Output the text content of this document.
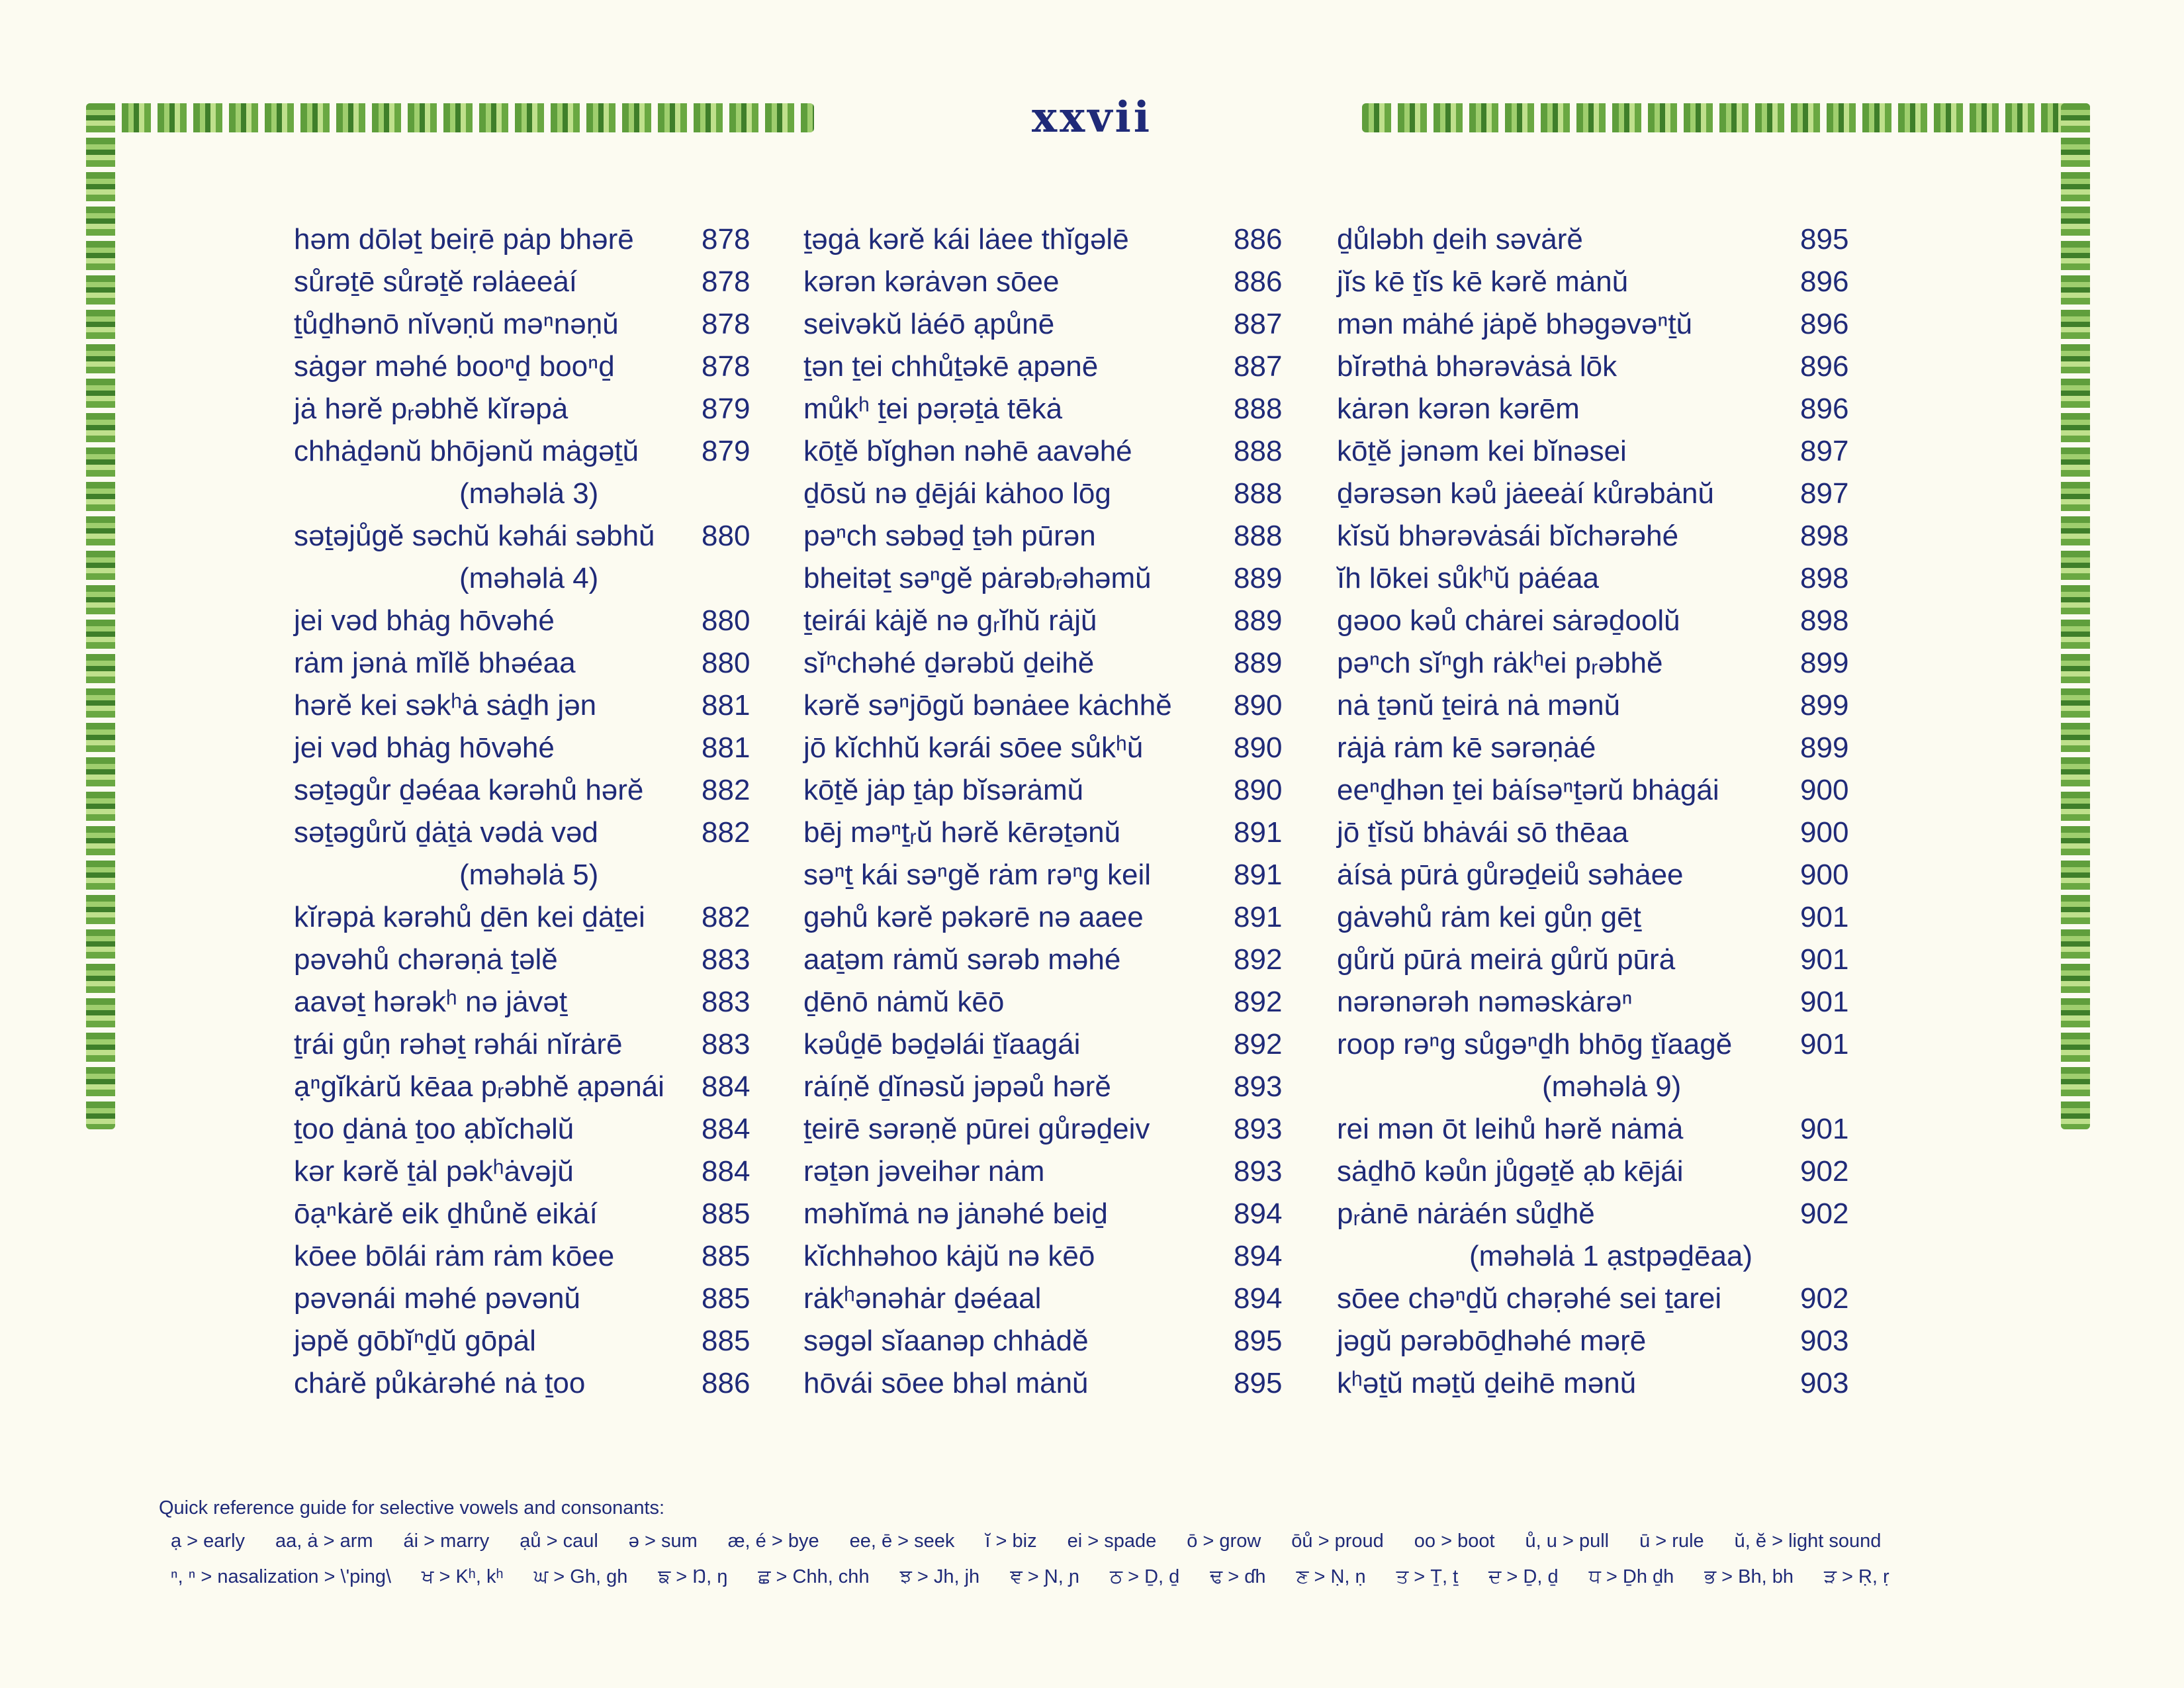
xxvii
həm dōləṯ beiṛē pȧp bhərē 878
sůrəṯē sůrəṯĕ rəlȧeeȧí	878
ṯůḏhənō nĭvəṇŭ məⁿnəṇŭ	878
sȧgər məhé booⁿḏ booⁿḏ	878
jȧ hərĕ pᵣəbhĕ kĭrəpȧ	879
chhȧḏənŭ bhōjənŭ mȧgəṯŭ 879
(məhəlȧ 3)
səṯəjůgĕ səchŭ kəhái səbhŭ 880
(məhəlȧ 4)
jei vəd bhȧg hōvəhé	880
rȧm jənȧ mĭlĕ bhəéaa	880
hərĕ kei səkʰȧ sȧḏh jən	881
jei vəd bhȧg hōvəhé	881
səṯəgůr ḏəéaa kərəhů hərĕ 882
səṯəgůrŭ ḏȧṯȧ vədȧ vəd	882
(məhəlȧ 5)
kĭrəpȧ kərəhů ḏēn kei ḏȧṯei 882
pəvəhů chərəṇȧ ṯəlĕ	883
aavəṯ hərəkʰ nə jȧvəṯ	883
ṯrái gůṇ rəhəṯ rəhái nĭrȧrē	883
ạⁿgĭkȧrŭ kēaa pᵣəbhĕ ạpənái 884
ṯoo ḏȧnȧ ṯoo ạbĭchəlŭ	884
kər kərĕ ṯȧl pəkʰȧvəjŭ	884
ōạⁿkȧrĕ eik ḏhůnĕ eikȧí	885
kōee bōlái rȧm rȧm kōee	885
pəvənái məhé pəvənŭ	885
jəpĕ gōbĭⁿḏŭ gōpȧl	885
chȧrĕ půkȧrəhé nȧ ṯoo	886
ṯəgȧ kərĕ kái lȧee thĭgəlē	886
kərən kərȧvən sōee	886
seivəkŭ lȧéō ạpůnē	887
ṯən ṯei chhůṯəkē ạpənē	887
můkʰ ṯei pəṛəṯȧ tēkȧ	888
kōṯĕ bĭghən nəhē aavəhé	888
ḏōsŭ nə ḏējái kȧhoo lōg	888
pəⁿch səbəḏ ṯəh pūrən	888
bheitəṯ səⁿgĕ pȧrəbᵣəhəmŭ	889
ṯeirái kȧjĕ nə gᵣĭhŭ rȧjŭ	889
sĭⁿchəhé ḏərəbŭ ḏeihĕ	889
kərĕ səⁿjōgŭ bənȧee kȧchhĕ 890
jō kĭchhŭ kərái sōee sůkʰŭ	890
kōṯĕ jȧp ṯȧp bĭsərȧmŭ	890
bēj məⁿṯᵣŭ hərĕ kērəṯənŭ	891
səⁿṯ kái səⁿgĕ rȧm rəⁿg keil	891
gəhů kərĕ pəkərē nə aaee	891
aaṯəm rȧmŭ sərəb məhé	892
ḏēnō nȧmŭ kēō	892
kəůḏē bəḏəlái ṯĭaagái	892
rȧíṇĕ ḏĭnəsŭ jəpəů hərĕ	893
ṯeirē sərəṇĕ pūrei gůrəḏeiv	893
rəṯən jəveihər nȧm	893
məhĭmȧ nə jȧnəhé beiḏ	894
kĭchhəhoo kȧjŭ nə kēō	894
rȧkʰənəhȧr ḏəéaal	894
səgəl sĭaanəp chhȧdĕ	895
hōvái sōee bhəl mȧnŭ	895
ḏůləbh ḏeih səvȧrĕ	895
jĭs kē ṯĭs kē kərĕ mȧnŭ	896
mən mȧhé jȧpĕ bhəgəvəⁿṯŭ	896
bĭrəthȧ bhərəvȧsȧ lōk	896
kȧrən kərən kərēm	896
kōṯĕ jənəm kei bĭnəsei	897
ḏərəsən kəů jȧeeȧí kůrəbȧnŭ	897
kĭsŭ bhərəvȧsái bĭchərəhé	898
ĭh lōkei sůkʰŭ pȧéaa	898
gəoo kəů chȧrei sȧrəḏoolŭ	898
pəⁿch sĭⁿgh rȧkʰei pᵣəbhĕ	899
nȧ ṯənŭ ṯeirȧ nȧ mənŭ	899
rȧjȧ rȧm kē sərəṇȧé	899
eeⁿḏhən ṯei bȧísəⁿṯərŭ bhȧgái	900
jō ṯĭsŭ bhȧvái sō thēaa	900
ȧísȧ pūrȧ gůrəḏeiů səhȧee	900
gȧvəhů rȧm kei gůṇ gēṯ	901
gůrŭ pūrȧ meirȧ gůrŭ pūrȧ	901
nərənərəh nəməskȧrəⁿ	901
roop rəⁿg sůgəⁿḏh bhōg ṯĭaagĕ 901
(məhəlȧ 9)
rei mən ōt leihů hərĕ nȧmȧ	901
sȧḏhō kəůn jůgəṯĕ ạb kējái	902
pᵣȧnē nȧrȧén sůḏhĕ	902
(məhəlȧ 1 ạstpəḏēaa)
sōee chəⁿḏŭ chəṛəhé sei ṯarei	902
jəgŭ pərəbōḏhəhé məṛē	903
kʰəṯŭ məṯŭ ḏeihē mənŭ	903
Quick reference guide for selective vowels and consonants:
ạ > early aa, ȧ > arm ái > marry ạů > caul ə > sum æ, é > bye ee, ē > seek ĭ > biz ei > spade ō > grow ōů > proud oo > boot ů, u > pull ū > rule ŭ, ĕ > light sound
ⁿ, ⁿ > nasalization > \'ping\ ਖ > Kʰ, kʰ ਘ > Gh, gh ਙ > Ŋ, ŋ ਛ > Chh, chh ਝ > Jh, jh ਞ > Ɲ, ɲ ਠ > Ḏ, ḏ ਢ > ɗh ਣ > Ṇ, ṇ ਤ > Ṯ, ṯ ਦ > Ḏ, ḏ ਧ > Ḏh ḏh ਭ > Bh, bh ੜ > Ṛ, ṛ
